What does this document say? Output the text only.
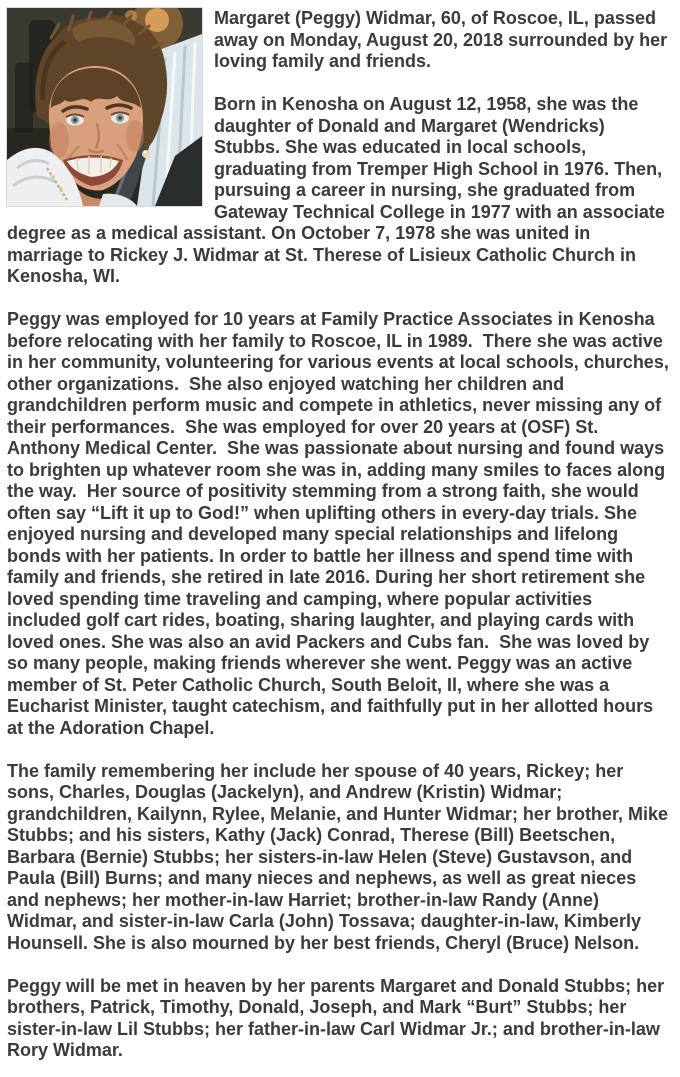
Margaret (Peggy) Widmar, 60, of Roscoe, IL, passed away on Monday, August 20, 2018 surrounded by her loving family and friends.

Born in Kenosha on August 12, 1958, she was the daughter of Donald and Margaret (Wendricks) Stubbs. She was educated in local schools, graduating from Tremper High School in 1976. Then, pursuing a career in nursing, she graduated from Gateway Technical College in 1977 with an associate degree as a medical assistant. On October 7, 1978 she was united in marriage to Rickey J. Widmar at St. Therese of Lisieux Catholic Church in Kenosha, WI.

Peggy was employed for 10 years at Family Practice Associates in Kenosha before relocating with her family to Roscoe, IL in 1989.  There she was active in her community, volunteering for various events at local schools, churches, other organizations.  She also enjoyed watching her children and grandchildren perform music and compete in athletics, never missing any of their performances.  She was employed for over 20 years at (OSF) St. Anthony Medical Center.  She was passionate about nursing and found ways to brighten up whatever room she was in, adding many smiles to faces along the way.  Her source of positivity stemming from a strong faith, she would often say “Lift it up to God!” when uplifting others in every-day trials. She enjoyed nursing and developed many special relationships and lifelong bonds with her patients. In order to battle her illness and spend time with family and friends, she retired in late 2016. During her short retirement she loved spending time traveling and camping, where popular activities included golf cart rides, boating, sharing laughter, and playing cards with loved ones. She was also an avid Packers and Cubs fan.  She was loved by so many people, making friends wherever she went. Peggy was an active member of St. Peter Catholic Church, South Beloit, Il, where she was a Eucharist Minister, taught catechism, and faithfully put in her allotted hours at the Adoration Chapel.

The family remembering her include her spouse of 40 years, Rickey; her sons, Charles, Douglas (Jackelyn), and Andrew (Kristin) Widmar; grandchildren, Kailynn, Rylee, Melanie, and Hunter Widmar; her brother, Mike Stubbs; and his sisters, Kathy (Jack) Conrad, Therese (Bill) Beetschen, Barbara (Bernie) Stubbs; her sisters-in-law Helen (Steve) Gustavson, and Paula (Bill) Burns; and many nieces and nephews, as well as great nieces and nephews; her mother-in-law Harriet; brother-in-law Randy (Anne) Widmar, and sister-in-law Carla (John) Tossava; daughter-in-law, Kimberly Hounsell. She is also mourned by her best friends, Cheryl (Bruce) Nelson.

Peggy will be met in heaven by her parents Margaret and Donald Stubbs; her brothers, Patrick, Timothy, Donald, Joseph, and Mark “Burt” Stubbs; her sister-in-law Lil Stubbs; her father-in-law Carl Widmar Jr.; and brother-in-law Rory Widmar.
